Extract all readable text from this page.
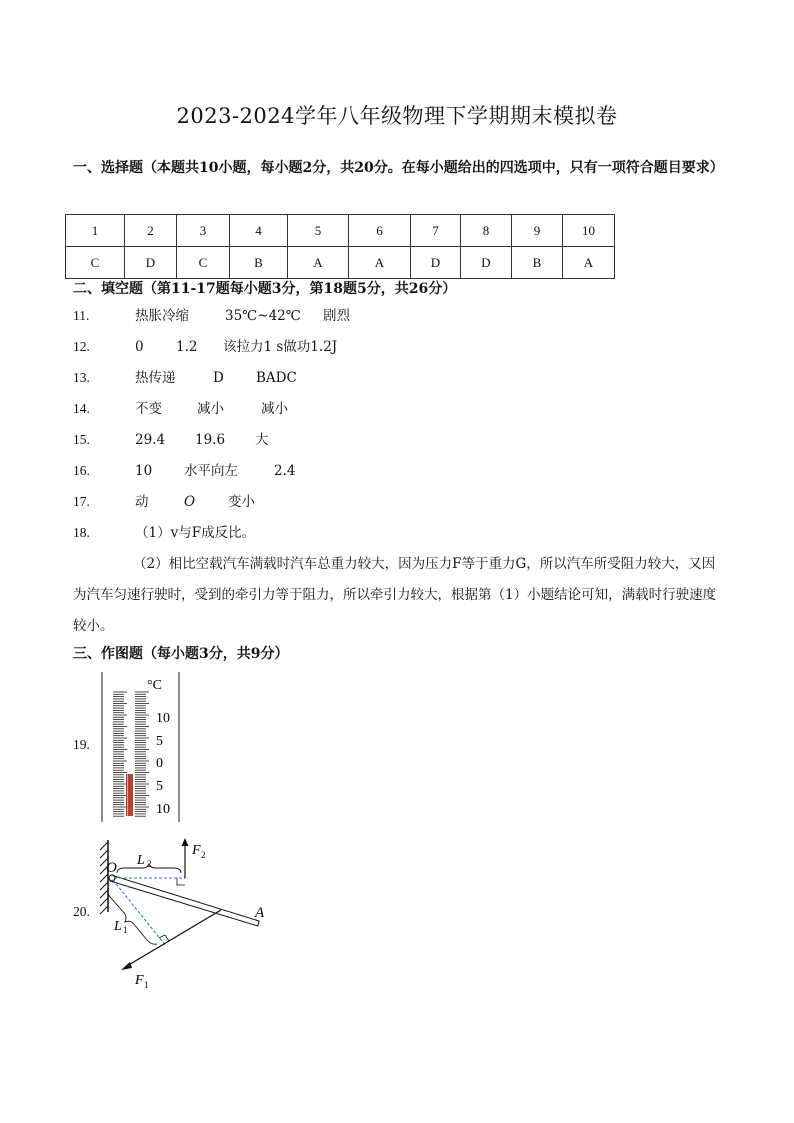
2023-2024学年八年级物理下学期期末模拟卷
一、选择题（本题共10小题，每小题2分，共20分。在每小题给出的四选项中，只有一项符合题目要求）
1	2	3	4	5	6	7	8	9	10
C	D	C	B	A	A	D	D	B	A
二、填空题（第11-17题每小题3分，第18题5分，共26分）
11.	热胀冷缩	35℃~42℃ 剧烈
12.	0 1.2 该拉力1 s做功1.2J
13.	热传递	D BADC
14.	不变	减小	减小
15.	29.4 19.6 大
16.	10 水平向左	2.4
17.	动	O 变小
18.	（1）v与F成反比。
（2）相比空载汽车满载时汽车总重力较大，因为压力F等于重力G，所以汽车所受阻力较大，又因为汽车匀速行驶时，受到的牵引力等于阻力，所以牵引力较大，根据第（1）小题结论可知，满载时行驶速度较小。
三、作图题（每小题3分，共9分）
19.
°C
10
5
0
5
10
20.
O
A
L 2
L 1
F 2
F 1
